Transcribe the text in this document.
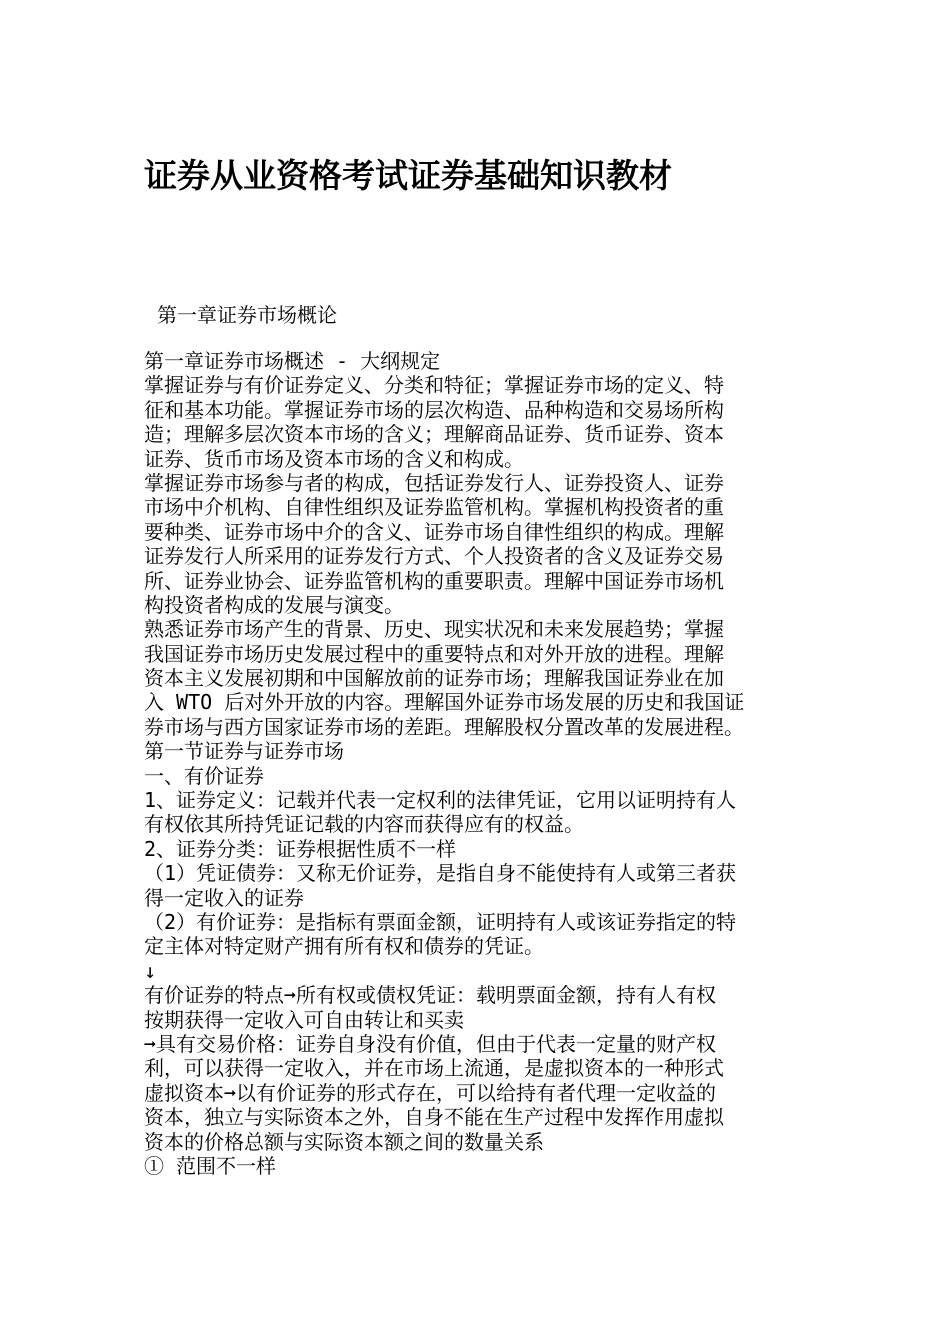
证券从业资格考试证券基础知识教材
第一章证券市场概论
第一章证券市场概述 - 大纲规定
掌握证券与有价证券定义、分类和特征；掌握证券市场的定义、特
征和基本功能。掌握证券市场的层次构造、品种构造和交易场所构
造；理解多层次资本市场的含义；理解商品证券、货币证券、资本
证券、货币市场及资本市场的含义和构成。
掌握证券市场参与者的构成，包括证券发行人、证券投资人、证券
市场中介机构、自律性组织及证券监管机构。掌握机构投资者的重
要种类、证券市场中介的含义、证券市场自律性组织的构成。理解
证券发行人所采用的证券发行方式、个人投资者的含义及证券交易
所、证券业协会、证券监管机构的重要职责。理解中国证券市场机
构投资者构成的发展与演变。
熟悉证券市场产生的背景、历史、现实状况和未来发展趋势；掌握
我国证券市场历史发展过程中的重要特点和对外开放的进程。理解
资本主义发展初期和中国解放前的证券市场；理解我国证券业在加
入 WTO 后对外开放的内容。理解国外证券市场发展的历史和我国证
券市场与西方国家证券市场的差距。理解股权分置改革的发展进程。
第一节证券与证券市场
一、有价证券
1、证券定义：记载并代表一定权利的法律凭证，它用以证明持有人
有权依其所持凭证记载的内容而获得应有的权益。
2、证券分类：证券根据性质不一样
（1）凭证债券：又称无价证券，是指自身不能使持有人或第三者获
得一定收入的证券
（2）有价证券：是指标有票面金额，证明持有人或该证券指定的特
定主体对特定财产拥有所有权和债券的凭证。
↓
有价证券的特点➞所有权或债权凭证：载明票面金额，持有人有权
按期获得一定收入可自由转让和买卖
➞具有交易价格：证券自身没有价值，但由于代表一定量的财产权
利，可以获得一定收入，并在市场上流通，是虚拟资本的一种形式
虚拟资本➞以有价证券的形式存在，可以给持有者代理一定收益的
资本，独立与实际资本之外，自身不能在生产过程中发挥作用虚拟
资本的价格总额与实际资本额之间的数量关系
① 范围不一样
